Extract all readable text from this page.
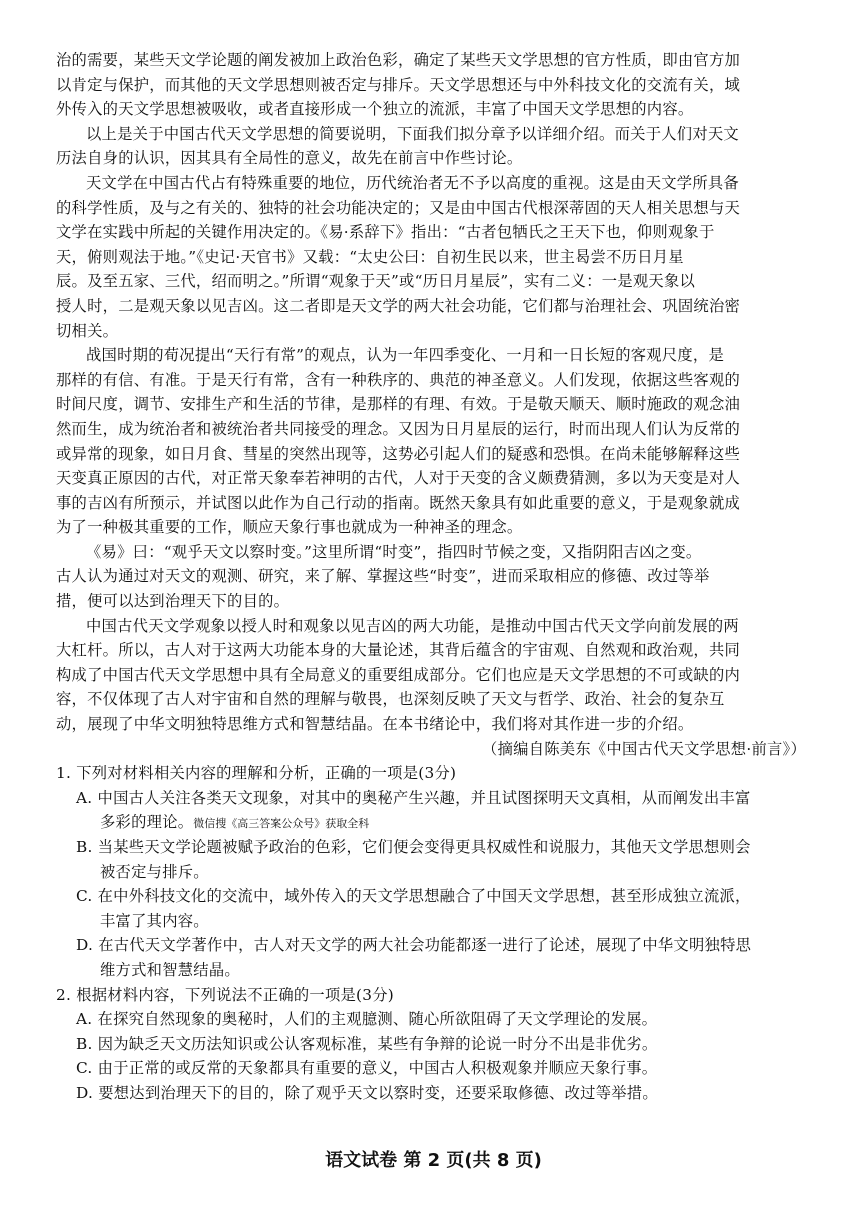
治的需要，某些天文学论题的阐发被加上政治色彩，确定了某些天文学思想的官方性质，即由官方加
以肯定与保护，而其他的天文学思想则被否定与排斥。天文学思想还与中外科技文化的交流有关，域
外传入的天文学思想被吸收，或者直接形成一个独立的流派，丰富了中国天文学思想的内容。
以上是关于中国古代天文学思想的简要说明，下面我们拟分章予以详细介绍。而关于人们对天文
历法自身的认识，因其具有全局性的意义，故先在前言中作些讨论。
天文学在中国古代占有特殊重要的地位，历代统治者无不予以高度的重视。这是由天文学所具备
的科学性质，及与之有关的、独特的社会功能决定的；又是由中国古代根深蒂固的天人相关思想与天
文学在实践中所起的关键作用决定的。《易·系辞下》指出：“古者包牺氏之王天下也，仰则观象于
天，俯则观法于地。”《史记·天官书》又载：“太史公曰：自初生民以来，世主曷尝不历日月星
辰。及至五家、三代，绍而明之。”所谓“观象于天”或“历日月星辰”，实有二义：一是观天象以
授人时，二是观天象以见吉凶。这二者即是天文学的两大社会功能，它们都与治理社会、巩固统治密
切相关。
战国时期的荀况提出“天行有常”的观点，认为一年四季变化、一月和一日长短的客观尺度，是
那样的有信、有准。于是天行有常，含有一种秩序的、典范的神圣意义。人们发现，依据这些客观的
时间尺度，调节、安排生产和生活的节律，是那样的有理、有效。于是敬天顺天、顺时施政的观念油
然而生，成为统治者和被统治者共同接受的理念。又因为日月星辰的运行，时而出现人们认为反常的
或异常的现象，如日月食、彗星的突然出现等，这势必引起人们的疑惑和恐惧。在尚未能够解释这些
天变真正原因的古代，对正常天象奉若神明的古代，人对于天变的含义颇费猜测，多以为天变是对人
事的吉凶有所预示，并试图以此作为自己行动的指南。既然天象具有如此重要的意义，于是观象就成
为了一种极其重要的工作，顺应天象行事也就成为一种神圣的理念。
《易》曰：“观乎天文以察时变。”这里所谓“时变”，指四时节候之变，又指阴阳吉凶之变。
古人认为通过对天文的观测、研究，来了解、掌握这些“时变”，进而采取相应的修德、改过等举
措，便可以达到治理天下的目的。
中国古代天文学观象以授人时和观象以见吉凶的两大功能，是推动中国古代天文学向前发展的两
大杠杆。所以，古人对于这两大功能本身的大量论述，其背后蕴含的宇宙观、自然观和政治观，共同
构成了中国古代天文学思想中具有全局意义的重要组成部分。它们也应是天文学思想的不可或缺的内
容，不仅体现了古人对宇宙和自然的理解与敬畏，也深刻反映了天文与哲学、政治、社会的复杂互
动，展现了中华文明独特思维方式和智慧结晶。在本书绪论中，我们将对其作进一步的介绍。
（摘编自陈美东《中国古代天文学思想·前言》）
1. 下列对材料相关内容的理解和分析，正确的一项是(3分)
A. 中国古人关注各类天文现象，对其中的奥秘产生兴趣，并且试图探明天文真相，从而阐发出丰富
多彩的理论。微信搜《高三答案公众号》获取全科
B. 当某些天文学论题被赋予政治的色彩，它们便会变得更具权威性和说服力，其他天文学思想则会
被否定与排斥。
C. 在中外科技文化的交流中，域外传入的天文学思想融合了中国天文学思想，甚至形成独立流派，
丰富了其内容。
D. 在古代天文学著作中，古人对天文学的两大社会功能都逐一进行了论述，展现了中华文明独特思
维方式和智慧结晶。
2. 根据材料内容，下列说法不正确的一项是(3分)
A. 在探究自然现象的奥秘时，人们的主观臆测、随心所欲阻碍了天文学理论的发展。
B. 因为缺乏天文历法知识或公认客观标准，某些有争辩的论说一时分不出是非优劣。
C. 由于正常的或反常的天象都具有重要的意义，中国古人积极观象并顺应天象行事。
D. 要想达到治理天下的目的，除了观乎天文以察时变，还要采取修德、改过等举措。
语文试卷 第 2 页(共 8 页)
